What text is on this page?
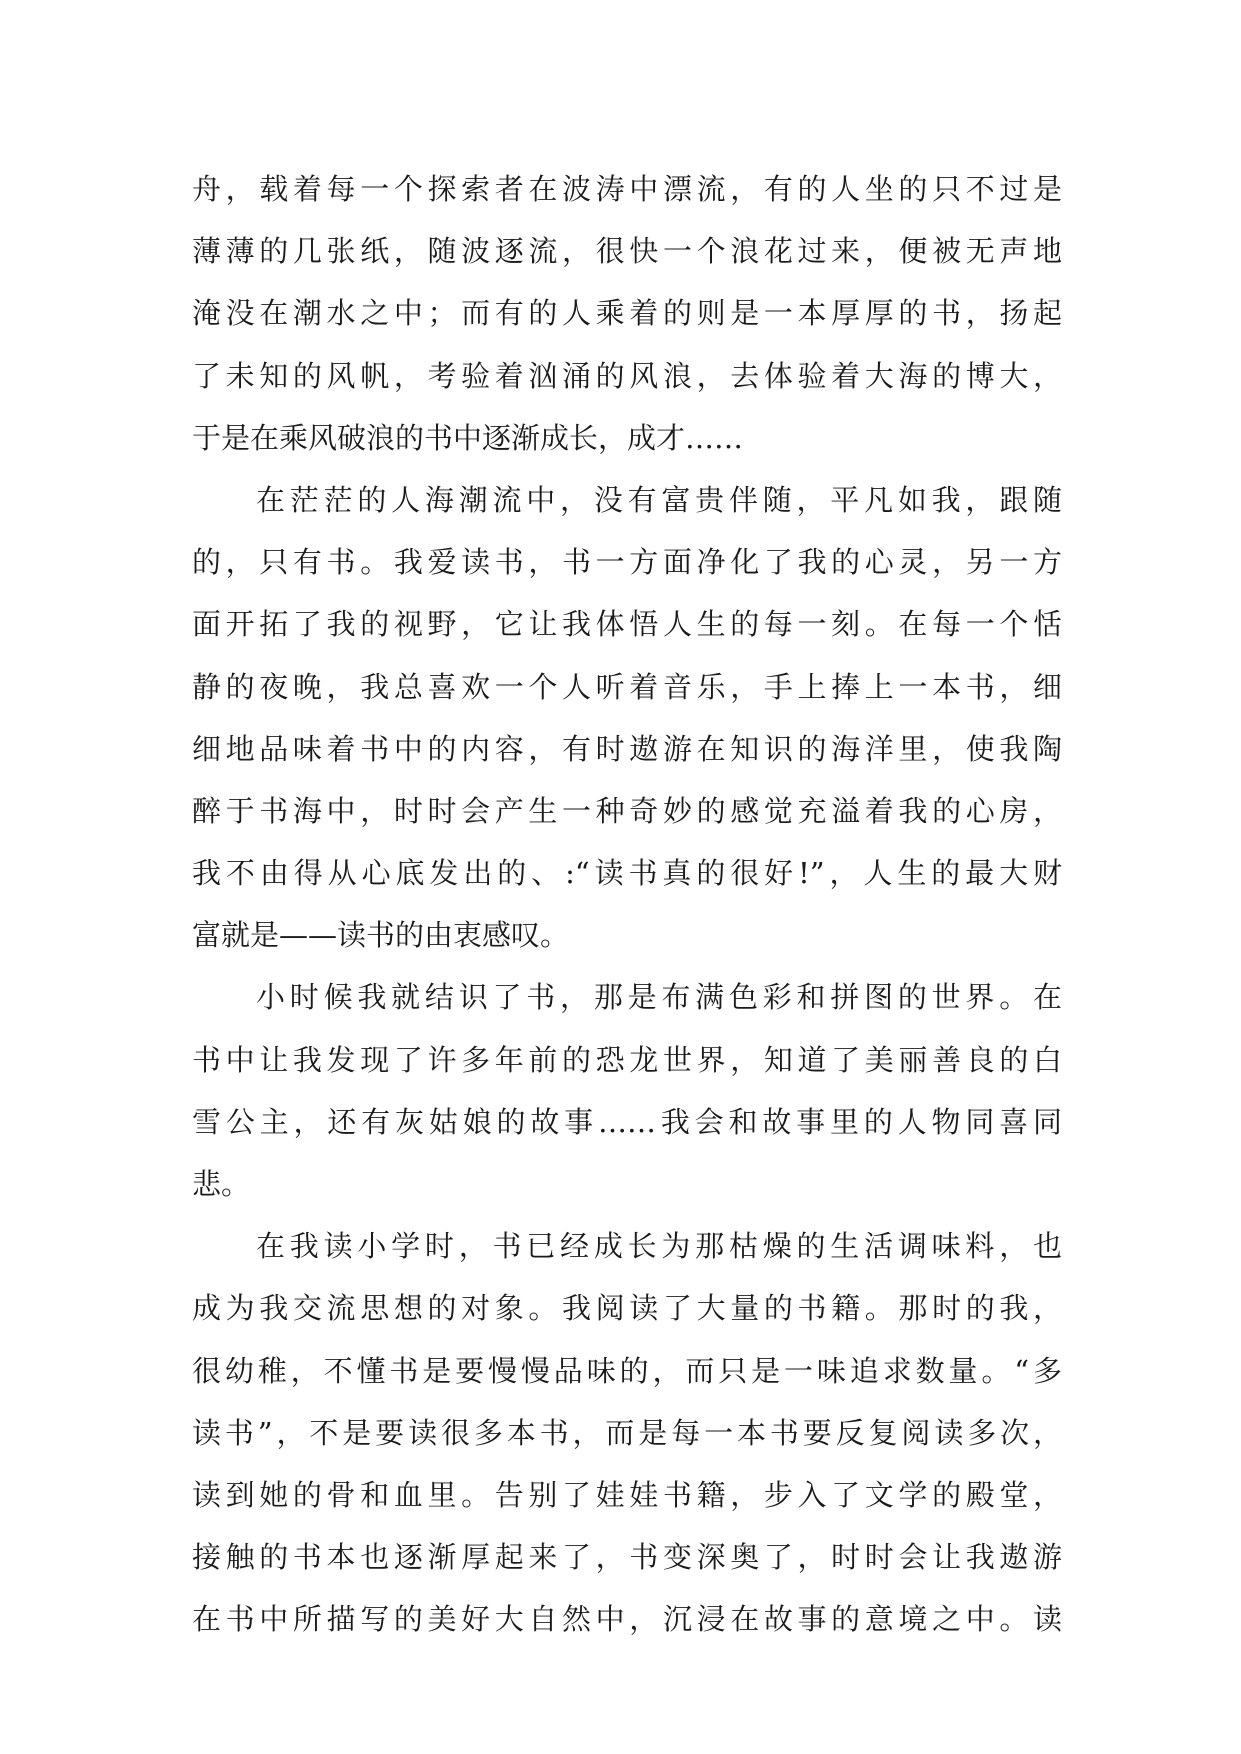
舟，载着每一个探索者在波涛中漂流，有的人坐的只不过是
薄薄的几张纸，随波逐流，很快一个浪花过来，便被无声地
淹没在潮水之中；而有的人乘着的则是一本厚厚的书，扬起
了未知的风帆，考验着汹涌的风浪，去体验着大海的博大，
于是在乘风破浪的书中逐渐成长，成才……
在茫茫的人海潮流中，没有富贵伴随，平凡如我，跟随
的，只有书。我爱读书，书一方面净化了我的心灵，另一方
面开拓了我的视野，它让我体悟人生的每一刻。在每一个恬
静的夜晚，我总喜欢一个人听着音乐，手上捧上一本书，细
细地品味着书中的内容，有时遨游在知识的海洋里，使我陶
醉于书海中，时时会产生一种奇妙的感觉充溢着我的心房，
我不由得从心底发出的、:“读书真的很好!”，人生的最大财
富就是——读书的由衷感叹。
小时候我就结识了书，那是布满色彩和拼图的世界。在
书中让我发现了许多年前的恐龙世界，知道了美丽善良的白
雪公主，还有灰姑娘的故事……我会和故事里的人物同喜同
悲。
在我读小学时，书已经成长为那枯燥的生活调味料，也
成为我交流思想的对象。我阅读了大量的书籍。那时的我，
很幼稚，不懂书是要慢慢品味的，而只是一味追求数量。“多
读书”，不是要读很多本书，而是每一本书要反复阅读多次，
读到她的骨和血里。告别了娃娃书籍，步入了文学的殿堂，
接触的书本也逐渐厚起来了，书变深奥了，时时会让我遨游
在书中所描写的美好大自然中，沉浸在故事的意境之中。读
